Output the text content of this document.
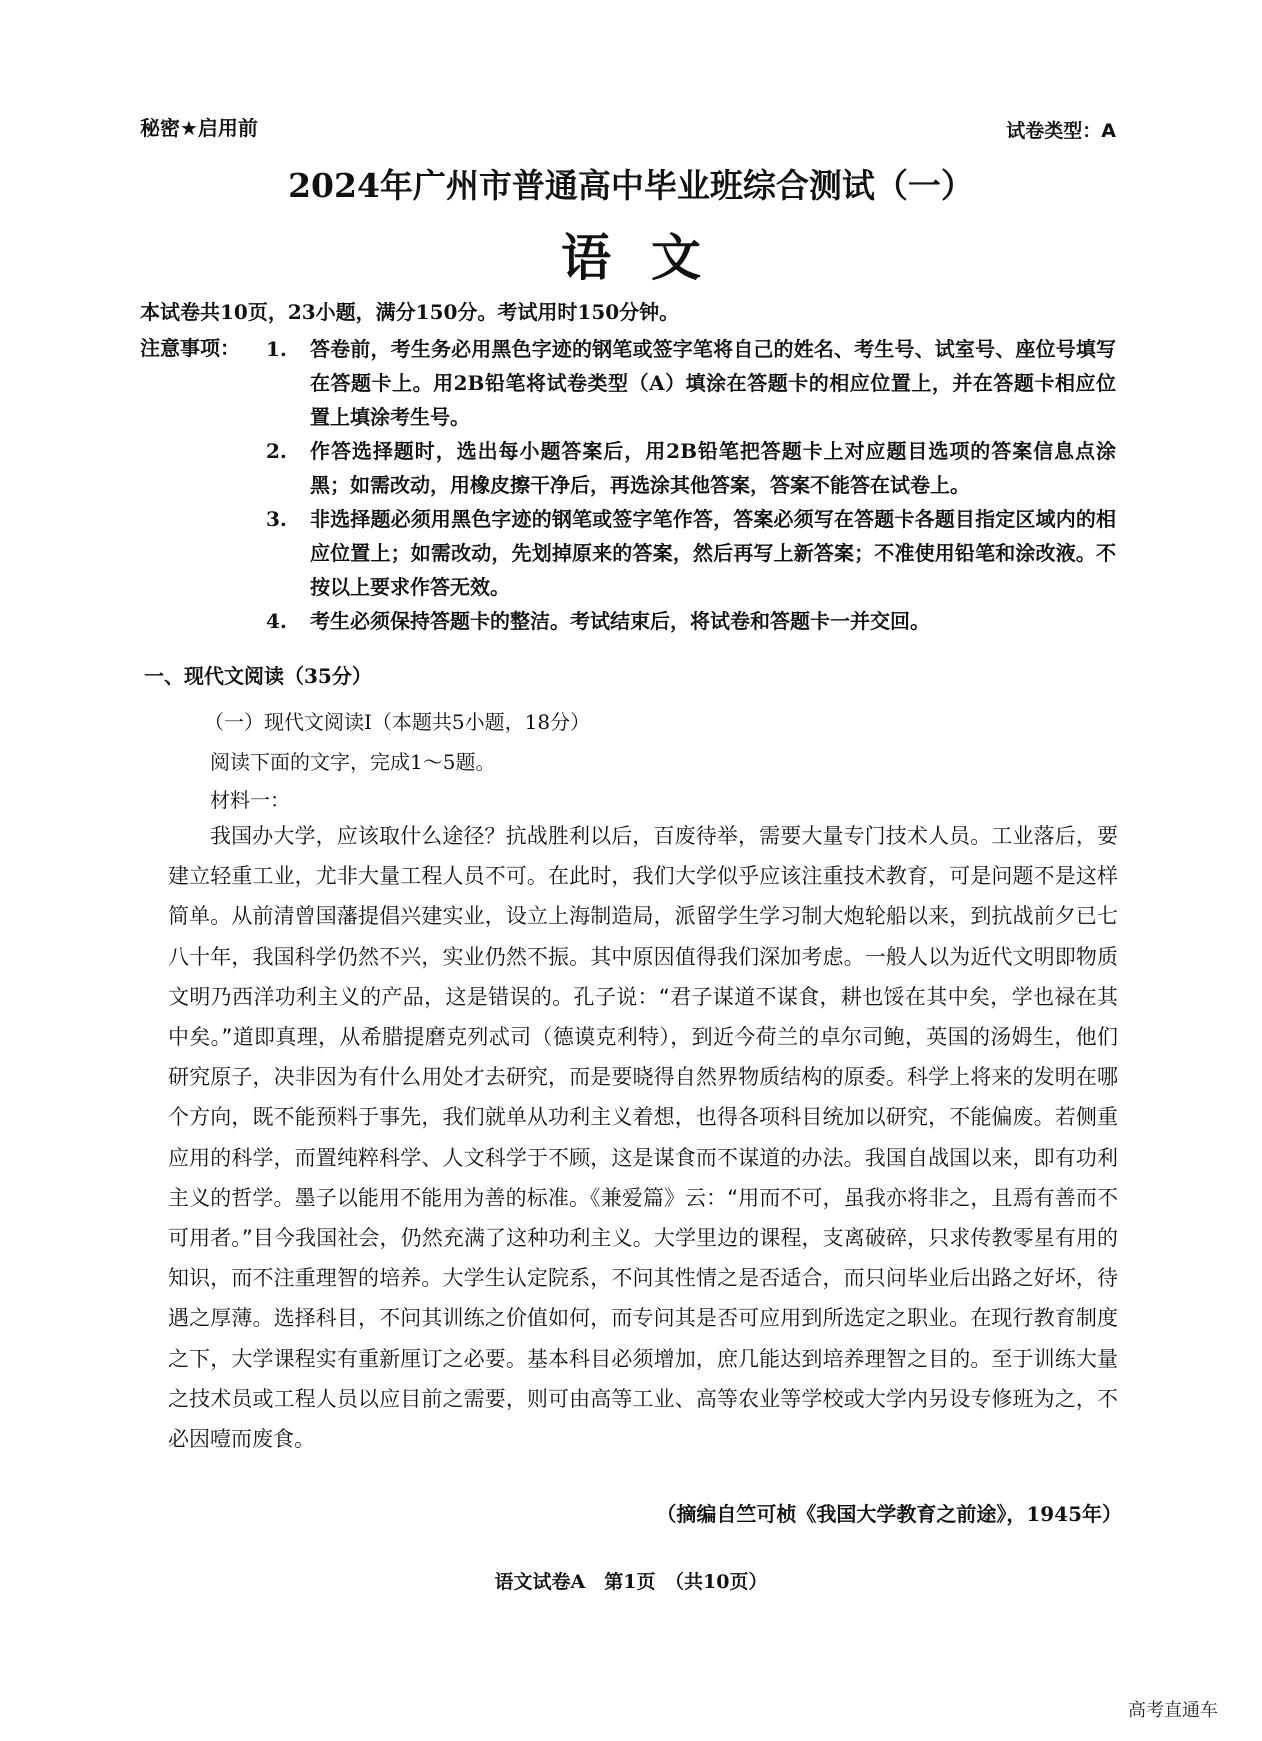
秘密★启用前	试卷类型：A
2024年广州市普通高中毕业班综合测试（一）
语文
本试卷共10页，23小题，满分150分。考试用时150分钟。
注意事项： 1. 答卷前，考生务必用黑色字迹的钢笔或签字笔将自己的姓名、考生号、试室号、座位号填写在答题卡上。用2B铅笔将试卷类型（A）填涂在答题卡的相应位置上，并在答题卡相应位置上填涂考生号。
2. 作答选择题时，选出每小题答案后，用2B铅笔把答题卡上对应题目选项的答案信息点涂黑；如需改动，用橡皮擦干净后，再选涂其他答案，答案不能答在试卷上。
3. 非选择题必须用黑色字迹的钢笔或签字笔作答，答案必须写在答题卡各题目指定区域内的相应位置上；如需改动，先划掉原来的答案，然后再写上新答案；不准使用铅笔和涂改液。不按以上要求作答无效。
4. 考生必须保持答题卡的整洁。考试结束后，将试卷和答题卡一并交回。
一、现代文阅读（35分）
（一）现代文阅读Ⅰ（本题共5小题，18分）
阅读下面的文字，完成1～5题。
材料一：

我国办大学，应该取什么途径？抗战胜利以后，百废待举，需要大量专门技术人员。工业落后，要建立轻重工业，尤非大量工程人员不可。在此时，我们大学似乎应该注重技术教育，可是问题不是这样简单。从前清曾国藩提倡兴建实业，设立上海制造局，派留学生学习制大炮轮船以来，到抗战前夕已七八十年，我国科学仍然不兴，实业仍然不振。其中原因值得我们深加考虑。一般人以为近代文明即物质文明乃西洋功利主义的产品，这是错误的。孔子说：“君子谋道不谋食，耕也馁在其中矣，学也禄在其中矣。”道即真理，从希腊提磨克列忒司（德谟克利特），到近今荷兰的卓尔司鲍，英国的汤姆生，他们研究原子，决非因为有什么用处才去研究，而是要晓得自然界物质结构的原委。科学上将来的发明在哪个方向，既不能预料于事先，我们就单从功利主义着想，也得各项科目统加以研究，不能偏废。若侧重应用的科学，而置纯粹科学、人文科学于不顾，这是谋食而不谋道的办法。我国自战国以来，即有功利主义的哲学。墨子以能用不能用为善的标准。《兼爱篇》云：“用而不可，虽我亦将非之，且焉有善而不可用者。”目今我国社会，仍然充满了这种功利主义。大学里边的课程，支离破碎，只求传教零星有用的知识，而不注重理智的培养。大学生认定院系，不问其性情之是否适合，而只问毕业后出路之好坏，待遇之厚薄。选择科目，不问其训练之价值如何，而专问其是否可应用到所选定之职业。在现行教育制度之下，大学课程实有重新厘订之必要。基本科目必须增加，庶几能达到培养理智之目的。至于训练大量之技术员或工程人员以应目前之需要，则可由高等工业、高等农业等学校或大学内另设专修班为之，不必因噎而废食。

（摘编自竺可桢《我国大学教育之前途》，1945年）
语文试卷A　第1页　（共10页）
高考直通车
